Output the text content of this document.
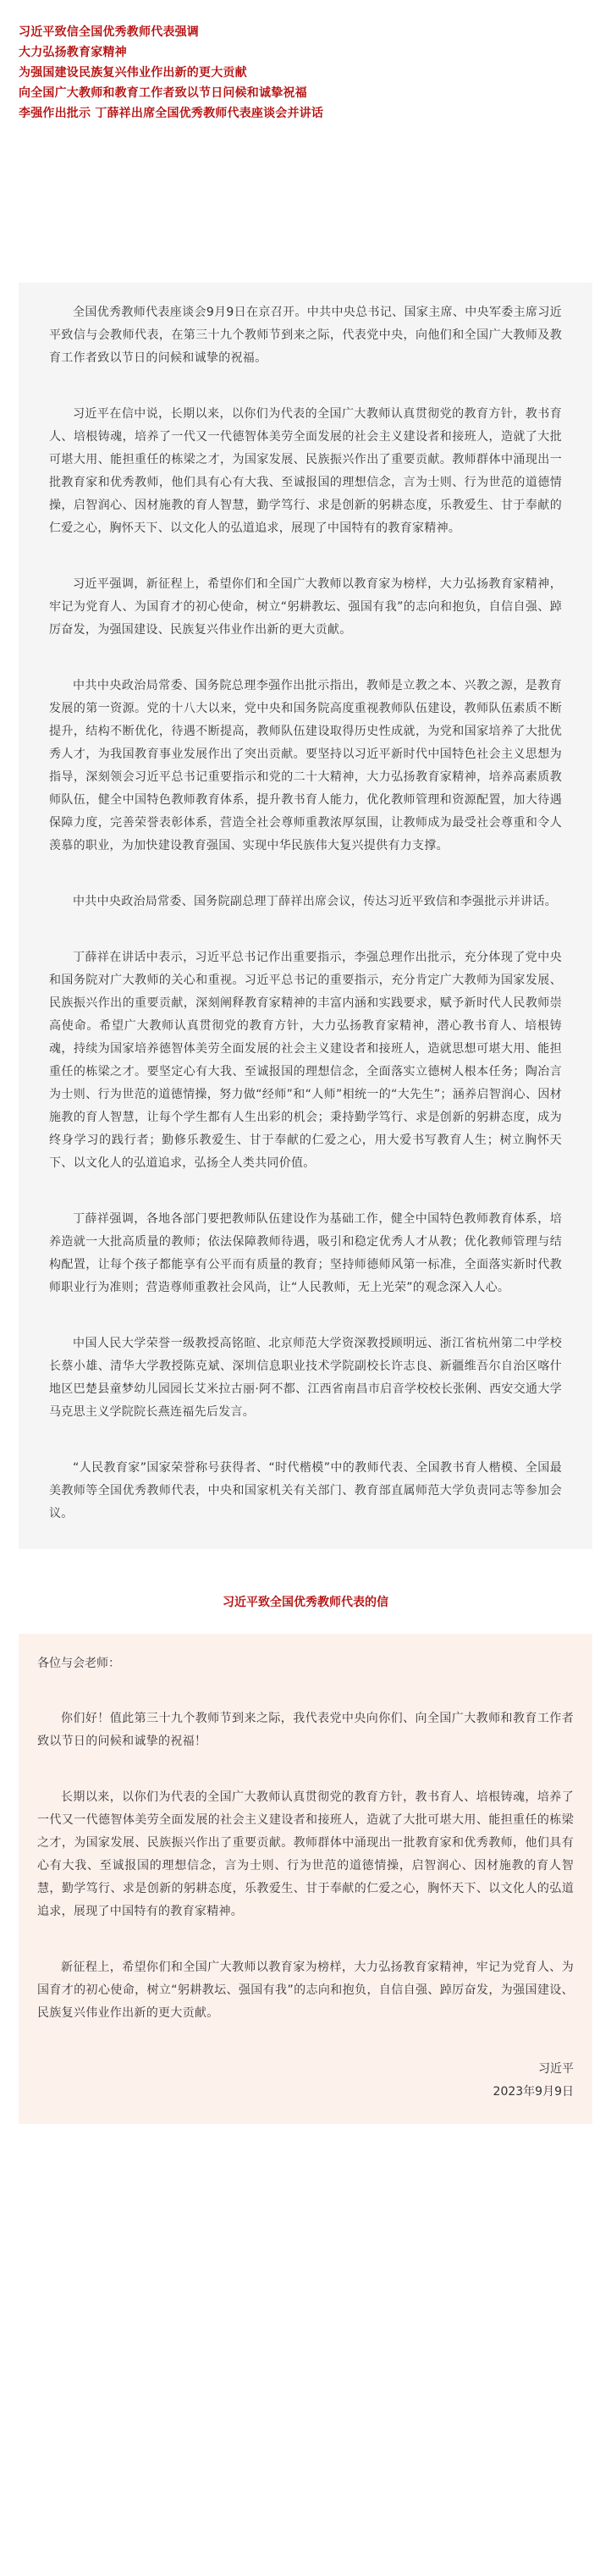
习近平致信全国优秀教师代表强调

大力弘扬教育家精神

为强国建设民族复兴伟业作出新的更大贡献

向全国广大教师和教育工作者致以节日问候和诚挚祝福

李强作出批示 丁薛祥出席全国优秀教师代表座谈会并讲话

全国优秀教师代表座谈会9月9日在京召开。中共中央总书记、国家主席、中央军委主席习近平致信与会教师代表，在第三十九个教师节到来之际，代表党中央，向他们和全国广大教师及教育工作者致以节日的问候和诚挚的祝福。

习近平在信中说，长期以来，以你们为代表的全国广大教师认真贯彻党的教育方针，教书育人、培根铸魂，培养了一代又一代德智体美劳全面发展的社会主义建设者和接班人，造就了大批可堪大用、能担重任的栋梁之才，为国家发展、民族振兴作出了重要贡献。教师群体中涌现出一批教育家和优秀教师，他们具有心有大我、至诚报国的理想信念，言为士则、行为世范的道德情操，启智润心、因材施教的育人智慧，勤学笃行、求是创新的躬耕态度，乐教爱生、甘于奉献的仁爱之心，胸怀天下、以文化人的弘道追求，展现了中国特有的教育家精神。

习近平强调，新征程上，希望你们和全国广大教师以教育家为榜样，大力弘扬教育家精神，牢记为党育人、为国育才的初心使命，树立“躬耕教坛、强国有我”的志向和抱负，自信自强、踔厉奋发，为强国建设、民族复兴伟业作出新的更大贡献。

中共中央政治局常委、国务院总理李强作出批示指出，教师是立教之本、兴教之源，是教育发展的第一资源。党的十八大以来，党中央和国务院高度重视教师队伍建设，教师队伍素质不断提升，结构不断优化，待遇不断提高，教师队伍建设取得历史性成就，为党和国家培养了大批优秀人才，为我国教育事业发展作出了突出贡献。要坚持以习近平新时代中国特色社会主义思想为指导，深刻领会习近平总书记重要指示和党的二十大精神，大力弘扬教育家精神，培养高素质教师队伍，健全中国特色教师教育体系，提升教书育人能力，优化教师管理和资源配置，加大待遇保障力度，完善荣誉表彰体系，营造全社会尊师重教浓厚氛围，让教师成为最受社会尊重和令人羡慕的职业，为加快建设教育强国、实现中华民族伟大复兴提供有力支撑。

中共中央政治局常委、国务院副总理丁薛祥出席会议，传达习近平致信和李强批示并讲话。

丁薛祥在讲话中表示，习近平总书记作出重要指示，李强总理作出批示，充分体现了党中央和国务院对广大教师的关心和重视。习近平总书记的重要指示，充分肯定广大教师为国家发展、民族振兴作出的重要贡献，深刻阐释教育家精神的丰富内涵和实践要求，赋予新时代人民教师崇高使命。希望广大教师认真贯彻党的教育方针，大力弘扬教育家精神，潜心教书育人、培根铸魂，持续为国家培养德智体美劳全面发展的社会主义建设者和接班人，造就思想可堪大用、能担重任的栋梁之才。要坚定心有大我、至诚报国的理想信念，全面落实立德树人根本任务；陶冶言为士则、行为世范的道德情操，努力做“经师”和“人师”相统一的“大先生”；涵养启智润心、因材施教的育人智慧，让每个学生都有人生出彩的机会；秉持勤学笃行、求是创新的躬耕态度，成为终身学习的践行者；勤修乐教爱生、甘于奉献的仁爱之心，用大爱书写教育人生；树立胸怀天下、以文化人的弘道追求，弘扬全人类共同价值。

丁薛祥强调，各地各部门要把教师队伍建设作为基础工作，健全中国特色教师教育体系，培养造就一大批高质量的教师；依法保障教师待遇，吸引和稳定优秀人才从教；优化教师管理与结构配置，让每个孩子都能享有公平而有质量的教育；坚持师德师风第一标准，全面落实新时代教师职业行为准则；营造尊师重教社会风尚，让“人民教师，无上光荣”的观念深入人心。

中国人民大学荣誉一级教授高铭暄、北京师范大学资深教授顾明远、浙江省杭州第二中学校长蔡小雄、清华大学教授陈克斌、深圳信息职业技术学院副校长许志良、新疆维吾尔自治区喀什地区巴楚县童梦幼儿园园长艾米拉古丽·阿不都、江西省南昌市启音学校校长张俐、西安交通大学马克思主义学院院长燕连福先后发言。

“人民教育家”国家荣誉称号获得者、“时代楷模”中的教师代表、全国教书育人楷模、全国最美教师等全国优秀教师代表，中央和国家机关有关部门、教育部直属师范大学负责同志等参加会议。

习近平致全国优秀教师代表的信

各位与会老师：

你们好！值此第三十九个教师节到来之际，我代表党中央向你们、向全国广大教师和教育工作者致以节日的问候和诚挚的祝福！

长期以来，以你们为代表的全国广大教师认真贯彻党的教育方针，教书育人、培根铸魂，培养了一代又一代德智体美劳全面发展的社会主义建设者和接班人，造就了大批可堪大用、能担重任的栋梁之才，为国家发展、民族振兴作出了重要贡献。教师群体中涌现出一批教育家和优秀教师，他们具有心有大我、至诚报国的理想信念，言为士则、行为世范的道德情操，启智润心、因材施教的育人智慧，勤学笃行、求是创新的躬耕态度，乐教爱生、甘于奉献的仁爱之心，胸怀天下、以文化人的弘道追求，展现了中国特有的教育家精神。

新征程上，希望你们和全国广大教师以教育家为榜样，大力弘扬教育家精神，牢记为党育人、为国育才的初心使命，树立“躬耕教坛、强国有我”的志向和抱负，自信自强、踔厉奋发，为强国建设、民族复兴伟业作出新的更大贡献。

习近平

2023年9月9日
